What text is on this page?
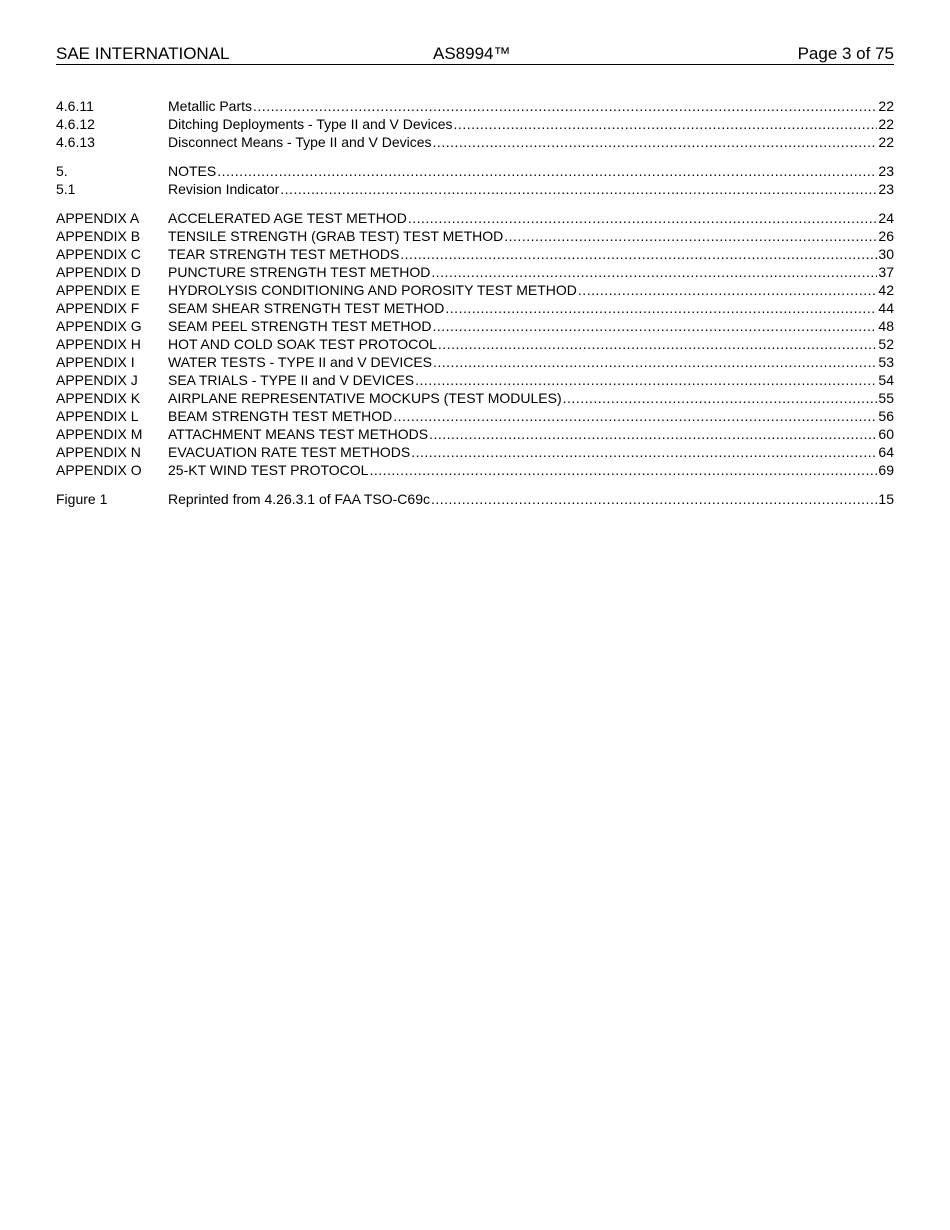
SAE INTERNATIONAL	AS8994™	Page 3 of 75
4.6.11	Metallic Parts .....	22
4.6.12	Ditching Deployments - Type II and V Devices .....	22
4.6.13	Disconnect Means - Type II and V Devices .....	22
5.	NOTES .....	23
5.1	Revision Indicator .....	23
APPENDIX A	ACCELERATED AGE TEST METHOD .....	24
APPENDIX B	TENSILE STRENGTH (GRAB TEST) TEST METHOD .....	26
APPENDIX C	TEAR STRENGTH TEST METHODS .....	30
APPENDIX D	PUNCTURE STRENGTH TEST METHOD .....	37
APPENDIX E	HYDROLYSIS CONDITIONING AND POROSITY TEST METHOD .....	42
APPENDIX F	SEAM SHEAR STRENGTH TEST METHOD .....	44
APPENDIX G	SEAM PEEL STRENGTH TEST METHOD .....	48
APPENDIX H	HOT AND COLD SOAK TEST PROTOCOL .....	52
APPENDIX I	WATER TESTS - TYPE II and V DEVICES .....	53
APPENDIX J	SEA TRIALS - TYPE II and V DEVICES .....	54
APPENDIX K	AIRPLANE REPRESENTATIVE MOCKUPS (TEST MODULES) .....	55
APPENDIX L	BEAM STRENGTH TEST METHOD .....	56
APPENDIX M	ATTACHMENT MEANS TEST METHODS .....	60
APPENDIX N	EVACUATION RATE TEST METHODS .....	64
APPENDIX O	25-KT WIND TEST PROTOCOL .....	69
Figure 1	Reprinted from 4.26.3.1 of FAA TSO-C69c .....	15
